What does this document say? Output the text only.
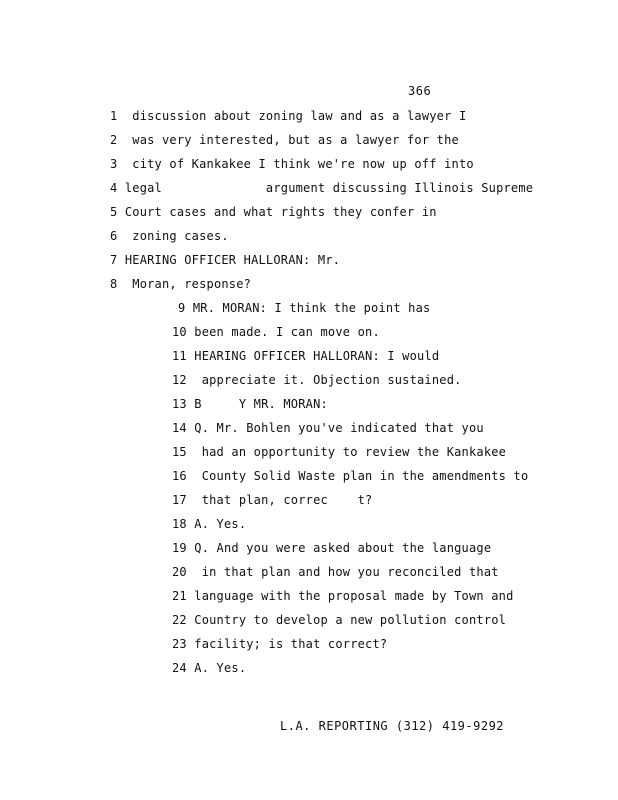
366
1  discussion about zoning law and as a lawyer I
2  was very interested, but as a lawyer for the
3  city of Kankakee I think we're now up off into
4 legal              argument discussing Illinois Supreme
5 Court cases and what rights they confer in
6  zoning cases.
7 HEARING OFFICER HALLORAN: Mr.
8  Moran, response?
9 MR. MORAN: I think the point has
10 been made. I can move on.
11 HEARING OFFICER HALLORAN: I would
12  appreciate it. Objection sustained.
13 B     Y MR. MORAN:
14 Q. Mr. Bohlen you've indicated that you
15  had an opportunity to review the Kankakee
16  County Solid Waste plan in the amendments to
17  that plan, correc    t?
18 A. Yes.
19 Q. And you were asked about the language
20  in that plan and how you reconciled that
21 language with the proposal made by Town and
22 Country to develop a new pollution control
23 facility; is that correct?
24 A. Yes.
L.A. REPORTING (312) 419-9292
